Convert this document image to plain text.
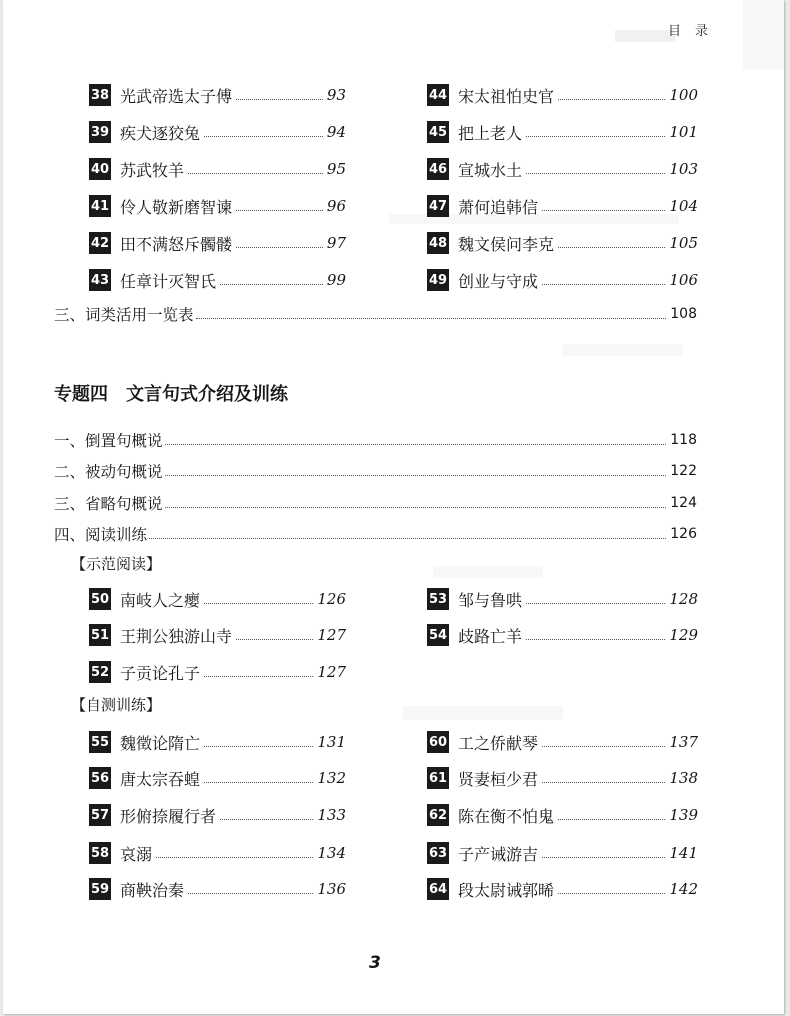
目录
38 光武帝选太子傅	93
39 疾犬逐狡兔	94
40 苏武牧羊	95
41 伶人敬新磨智谏	96
42 田不满怒斥髑髅	97
43 任章计灭智氏	99
44 宋太祖怕史官	100
45 把上老人	101
46 宣城水土	103
47 萧何追韩信	104
48 魏文侯问李克	105
49 创业与守成	106
三、词类活用一览表	108
专题四 文言句式介绍及训练
一、倒置句概说	118
二、被动句概说	122
三、省略句概说	124
四、阅读训练	126
【示范阅读】
50 南岐人之瘿	126
51 王荆公独游山寺	127
52 子贡论孔子	127
53 邹与鲁哄	128
54 歧路亡羊	129
【自测训练】
55 魏徵论隋亡	131
56 唐太宗吞蝗	132
57 形俯捺履行者	133
58 哀溺	134
59 商鞅治秦	136
60 工之侨献琴	137
61 贤妻桓少君	138
62 陈在衡不怕鬼	139
63 子产诫游吉	141
64 段太尉诫郭晞	142
3
